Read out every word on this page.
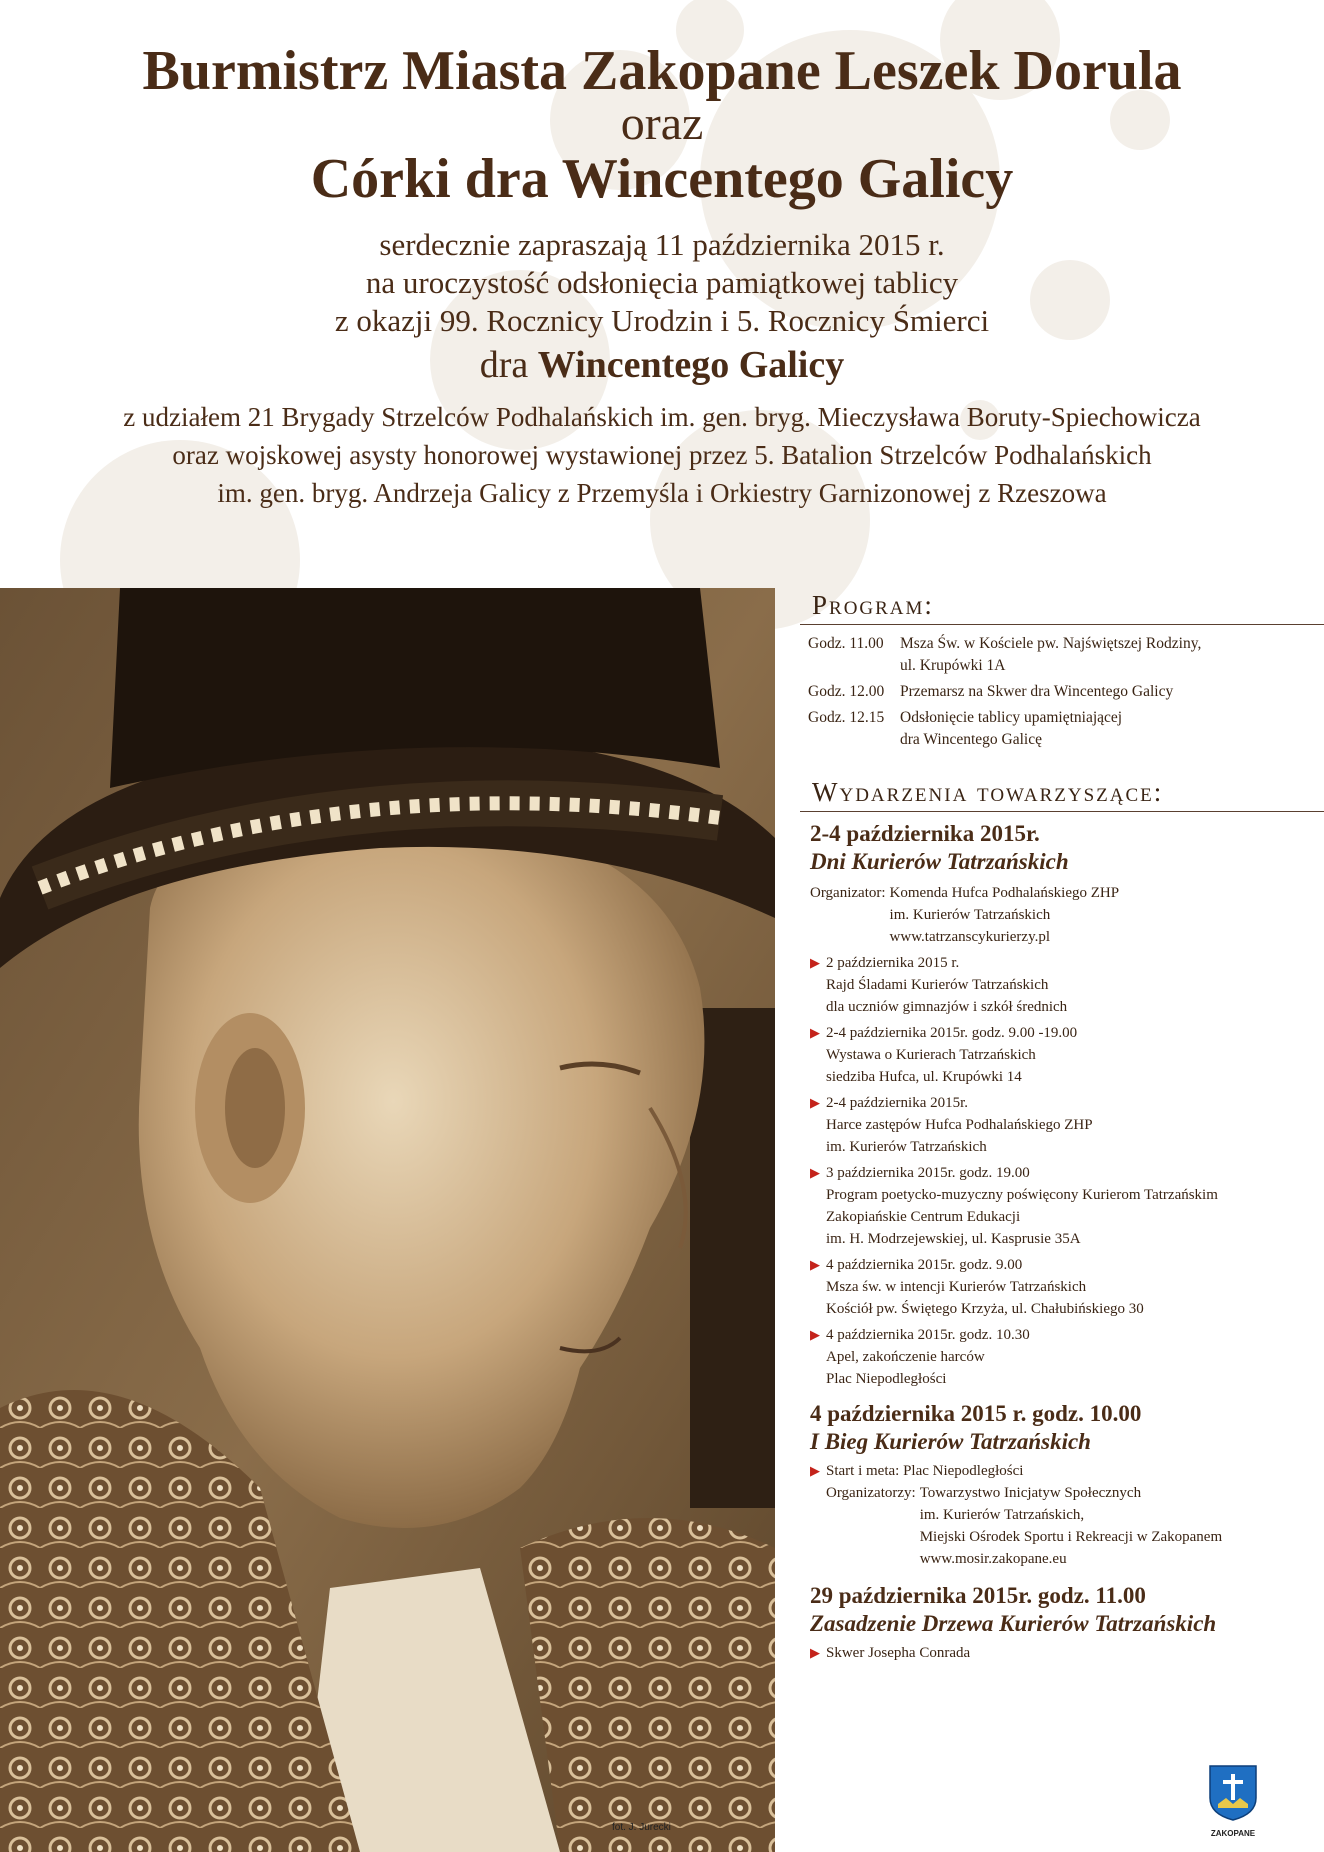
Burmistrz Miasta Zakopane Leszek Dorula
oraz
Córki dra Wincentego Galicy
serdecznie zapraszają 11 października 2015 r.
na uroczystość odsłonięcia pamiątkowej tablicy
z okazji 99. Rocznicy Urodzin i 5. Rocznicy Śmierci
dra Wincentego Galicy
z udziałem 21 Brygady Strzelców Podhalańskich im. gen. bryg. Mieczysława Boruty-Spiechowicza
oraz wojskowej asysty honorowej wystawionej przez 5. Batalion Strzelców Podhalańskich
im. gen. bryg. Andrzeja Galicy z Przemyśla i Orkiestry Garnizonowej z Rzeszowa
fot. J. Jurecki
Program:
Godz. 11.00	Msza Św. w Kościele pw. Najświętszej Rodziny,
ul. Krupówki 1A
Godz. 12.00	Przemarsz na Skwer dra Wincentego Galicy
Godz. 12.15	Odsłonięcie tablicy upamiętniającej
dra Wincentego Galicę
Wydarzenia towarzyszące:
2-4 października 2015r.
Dni Kurierów Tatrzańskich
Organizator: Komenda Hufca Podhalańskiego ZHP
im. Kurierów Tatrzańskich
www.tatrzanscykurierzy.pl
▶ 2 października 2015 r.
Rajd Śladami Kurierów Tatrzańskich
dla uczniów gimnazjów i szkół średnich
▶ 2-4 października 2015r. godz. 9.00 -19.00
Wystawa o Kurierach Tatrzańskich
siedziba Hufca, ul. Krupówki 14
▶ 2-4 października 2015r.
Harce zastępów Hufca Podhalańskiego ZHP
im. Kurierów Tatrzańskich
▶ 3 października 2015r. godz. 19.00
Program poetycko-muzyczny poświęcony Kurierom Tatrzańskim
Zakopiańskie Centrum Edukacji
im. H. Modrzejewskiej, ul. Kasprusie 35A
▶ 4 października 2015r. godz. 9.00
Msza św. w intencji Kurierów Tatrzańskich
Kościół pw. Świętego Krzyża, ul. Chałubińskiego 30
▶ 4 października 2015r. godz. 10.30
Apel, zakończenie harców
Plac Niepodległości
4 października 2015 r. godz. 10.00
I Bieg Kurierów Tatrzańskich
▶ Start i meta: Plac Niepodległości
Organizatorzy: Towarzystwo Inicjatyw Społecznych
im. Kurierów Tatrzańskich,
Miejski Ośrodek Sportu i Rekreacji w Zakopanem
www.mosir.zakopane.eu
29 października 2015r. godz. 11.00
Zasadzenie Drzewa Kurierów Tatrzańskich
▶ Skwer Josepha Conrada
ZAKOPANE
